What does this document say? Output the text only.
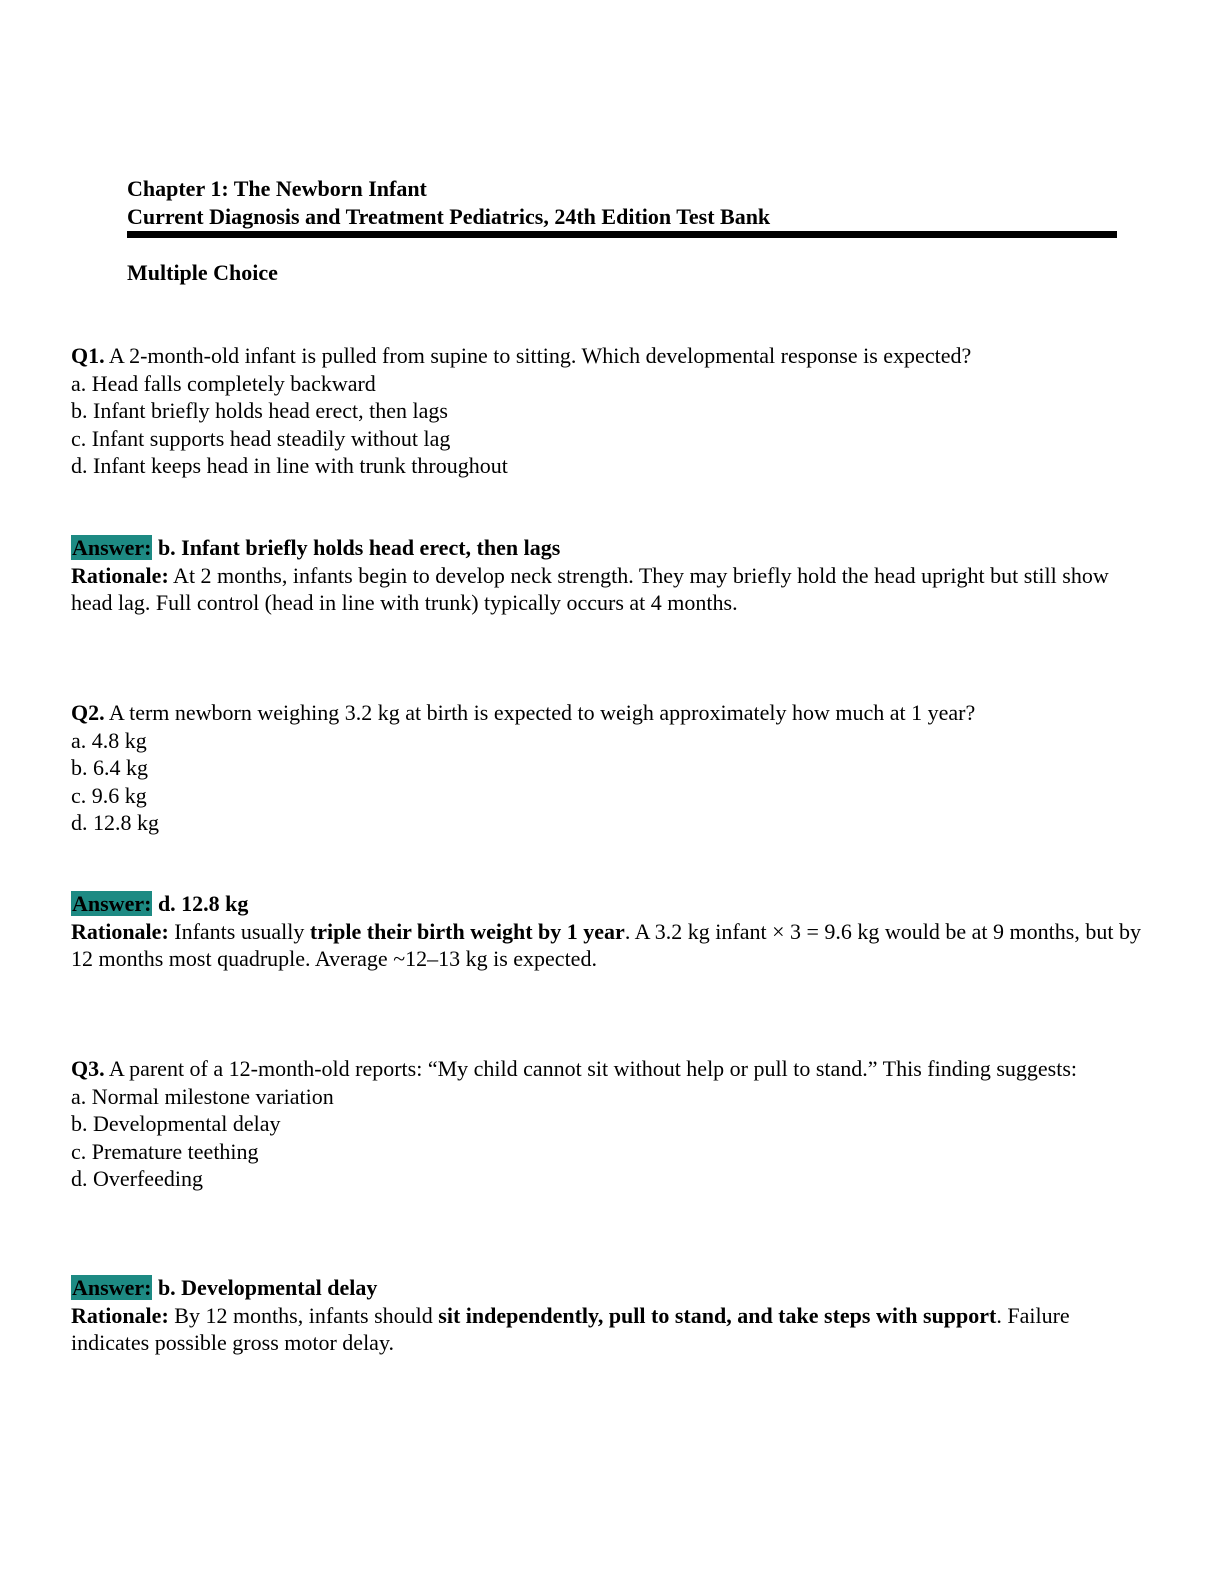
Chapter 1: The Newborn Infant
Current Diagnosis and Treatment Pediatrics, 24th Edition Test Bank
Multiple Choice

Q1. A 2-month-old infant is pulled from supine to sitting. Which developmental response is expected?

a. Head falls completely backward

b. Infant briefly holds head erect, then lags

c. Infant supports head steadily without lag

d. Infant keeps head in line with trunk throughout

Answer: b. Infant briefly holds head erect, then lags

Rationale: At 2 months, infants begin to develop neck strength. They may briefly hold the head upright but still show head lag. Full control (head in line with trunk) typically occurs at 4 months.

Q2. A term newborn weighing 3.2 kg at birth is expected to weigh approximately how much at 1 year?

a. 4.8 kg

b. 6.4 kg

c. 9.6 kg

d. 12.8 kg

Answer: d. 12.8 kg

Rationale: Infants usually triple their birth weight by 1 year. A 3.2 kg infant × 3 = 9.6 kg would be at 9 months, but by 12 months most quadruple. Average ~12–13 kg is expected.

Q3. A parent of a 12-month-old reports: “My child cannot sit without help or pull to stand.” This finding suggests:

a. Normal milestone variation

b. Developmental delay

c. Premature teething

d. Overfeeding

Answer: b. Developmental delay

Rationale: By 12 months, infants should sit independently, pull to stand, and take steps with support. Failure indicates possible gross motor delay.
